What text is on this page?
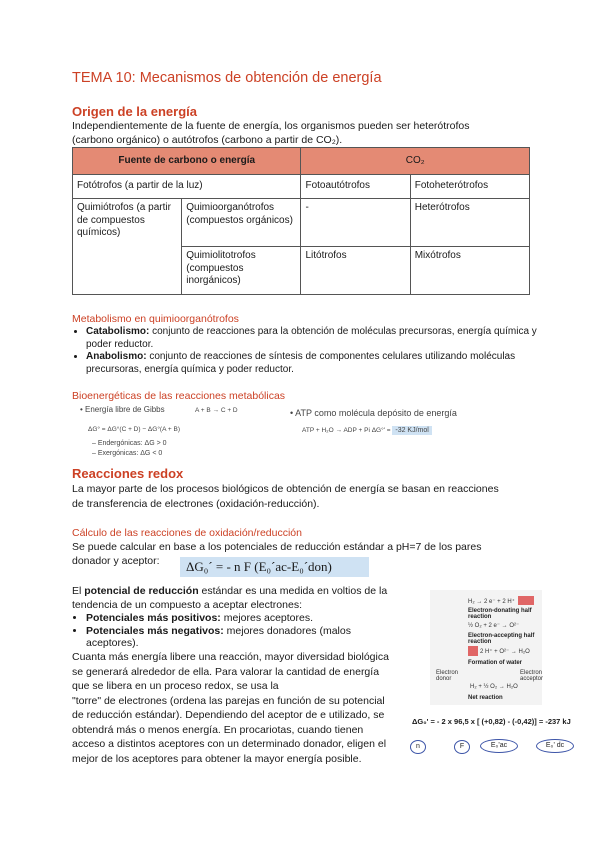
TEMA 10: Mecanismos de obtención de energía
Origen de la energía
Independientemente de la fuente de energía, los organismos pueden ser heterótrofos
(carbono orgánico) o autótrofos (carbono a partir de CO₂).
Fuente de carbono o energía		CO₂	
Fotótrofos (a partir de la luz)		Fotoautótrofos	Fotoheterótrofos
Quimiótrofos (a partir de compuestos químicos)	Quimioorganótrofos (compuestos orgánicos)	-	Heterótrofos
	Quimiolitotrofos (compuestos inorgánicos)	Litótrofos	Mixótrofos
Metabolismo en quimioorganótrofos
• Catabolismo: conjunto de reacciones para la obtención de moléculas precursoras, energía química y poder reductor.
• Anabolismo: conjunto de reacciones de síntesis de componentes celulares utilizando moléculas precursoras, energía química y poder reductor.
Bioenergéticas de las reacciones metabólicas
• Energía libre de Gibbs	A + B → C + D
ΔG° = ΔG°(C + D) − ΔG°(A + B)
– Endergónicas: ΔG > 0
– Exergónicas: ΔG < 0
• ATP como molécula depósito de energía
ATP + H₂O → ADP + Pi ΔG°' = -32 KJ/mol
Reacciones redox
La mayor parte de los procesos biológicos de obtención de energía se basan en reacciones
de transferencia de electrones (oxidación-reducción).
Cálculo de las reacciones de oxidación/reducción
Se puede calcular en base a los potenciales de reducción estándar a pH=7 de los pares
donador y aceptor:	ΔG₀´ = - n F (E₀´ac-E₀´don)
El potencial de reducción estándar es una medida en voltios de la
tendencia de un compuesto a aceptar electrones:
• Potenciales más positivos: mejores aceptores.
• Potenciales más negativos: mejores donadores (malos aceptores).
Cuanta más energía libere una reacción, mayor diversidad biológica
se generará alrededor de ella. Para valorar la cantidad de energía
que se libera en un proceso redox, se usa la
"torre" de electrones (ordena las parejas en función de su potencial
de reducción estándar). Dependiendo del aceptor de e utilizado, se
obtendrá más o menos energía. En procariotas, cuando tienen
acceso a distintos aceptores con un determinado donador, eligen el
mejor de los aceptores para obtener la mayor energía posible.
H₂ → 2 e⁻ + 2 H⁺
Electron-donating half reaction
½ O₂ + 2 e⁻ → O²⁻
Electron-accepting half reaction
2 H⁺ + O²⁻ → H₂O
Formation of water
Electron donor
Electron acceptor
H₂ + ½ O₂ → H₂O
Net reaction
ΔG₀' = - 2 x 96,5 x [ (+0,82) - (-0,42)] = -237 kJ
n	F	E₀'ac	E₀' dc
